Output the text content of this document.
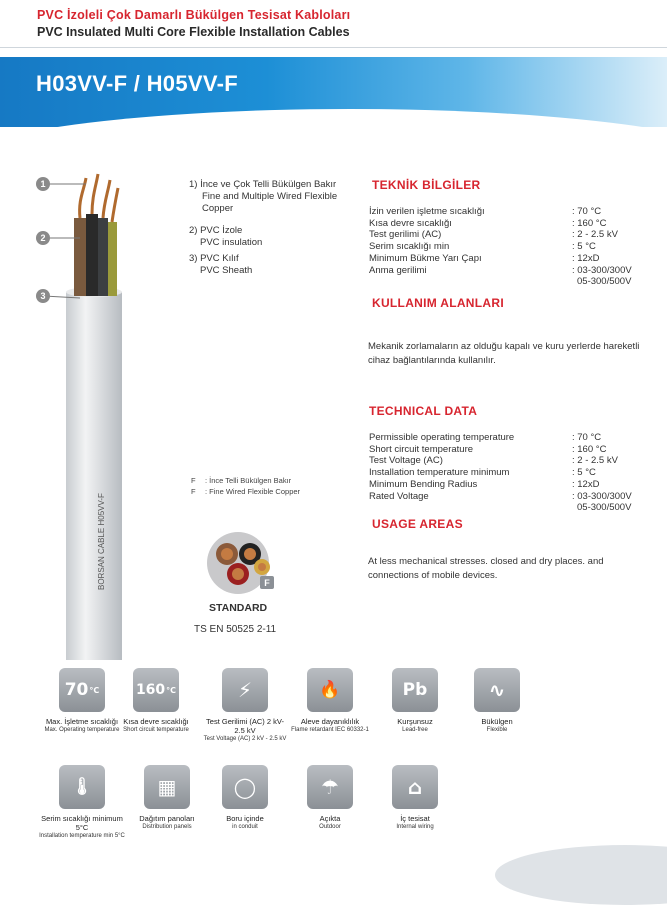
PVC İzoleli Çok Damarlı Bükülgen Tesisat Kabloları
PVC Insulated Multi Core Flexible Installation Cables
H03VV-F / H05VV-F
BORSAN CABLE H05VV-F
1
2
3
1) İnce ve Çok Telli Bükülgen Bakır
Fine and Multiple Wired Flexible
Copper
2) PVC İzole
PVC insulation
3) PVC Kılıf
PVC Sheath
F : İnce Telli Bükülgen Bakır
F : Fine Wired Flexible Copper
F
STANDARD
TS EN 50525 2-11
TEKNİK BİLGİLER
İzin verilen işletme sıcaklığı	: 70 °C
Kısa devre sıcaklığı	: 160 °C
Test gerilimi (AC)	: 2 - 2.5 kV
Serim sıcaklığı min	: 5 °C
Minimum Bükme Yarı Çapı	: 12xD
Anma gerilimi	: 03-300/300V
05-300/500V
KULLANIM ALANLARI
Mekanik zorlamaların az olduğu kapalı ve kuru yerlerde hareketli cihaz bağlantılarında kullanılır.
TECHNICAL DATA
Permissible operating temperature	: 70 °C
Short circuit temperature	: 160 °C
Test Voltage (AC)	: 2 - 2.5 kV
Installation temperature minimum	: 5 °C
Minimum Bending Radius	: 12xD
Rated Voltage	: 03-300/300V
05-300/500V
USAGE AREAS
At less mechanical stresses. closed and dry places. and connections of mobile devices.
70 °C
Max. İşletme sıcaklığı
Max. Operating temperature
160 °C
Kısa devre sıcaklığı
Short circuit temperature
⚡
Test Gerilimi (AC) 2 kV- 2.5 kV
Test Voltage (AC) 2 kV - 2.5 kV
🔥
Aleve dayanıklılık
Flame retardant IEC 60332-1
Pb
Kurşunsuz
Lead-free
∿
Bükülgen
Flexible
🌡
Serim sıcaklığı minimum 5°C
Installation temperature min 5°C
▦
Dağıtım panoları
Distribution panels
◯
Boru içinde
in conduit
☂
Açıkta
Outdoor
⌂
İç tesisat
Internal wiring
